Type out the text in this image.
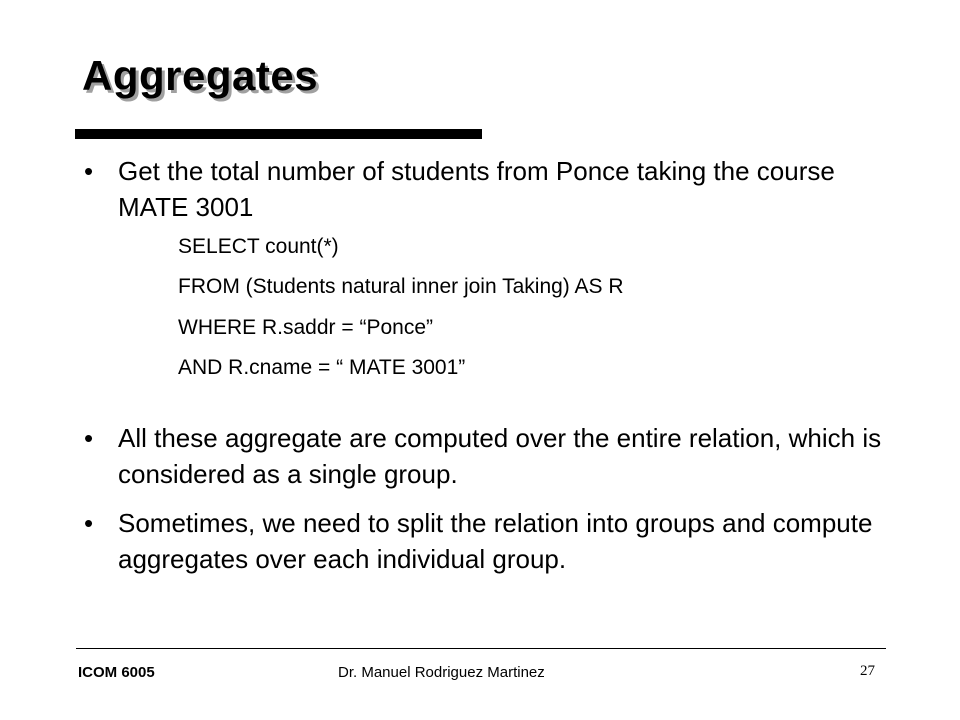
Aggregates
• Get the total number of students from Ponce taking the course MATE 3001
SELECT count(*)
FROM (Students natural inner join Taking) AS R
WHERE R.saddr = “Ponce”
AND R.cname = “ MATE 3001”
• All these aggregate are computed over the entire relation, which is considered as a single group.
• Sometimes, we need to split the relation into groups and compute aggregates over each individual group.
ICOM 6005	Dr. Manuel Rodriguez Martinez	27
